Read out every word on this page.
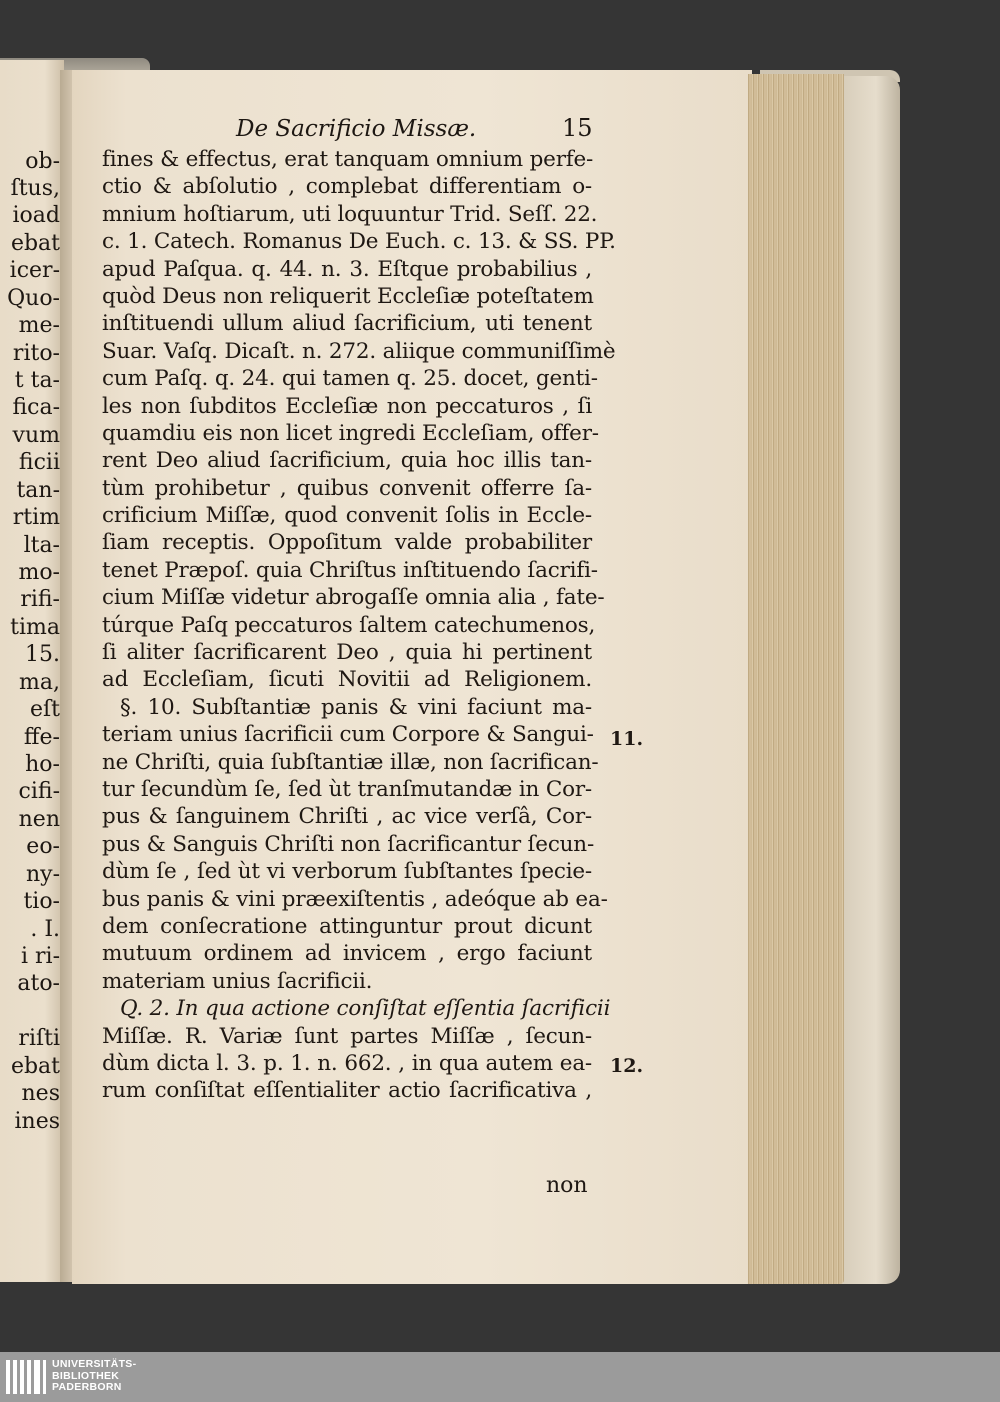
ob-
ſtus,
ioad
ebat
icer-
Quo-
me-
rito-
t ta-
fica-
vum
ficii
tan-
rtim
lta-
mo-
rifi-
tima
15.
ma,
eſt
ffe-
ho-
cifi-
nen
eo-
ny-
tio-
. I.
i ri-
ato-
riſti
ebat
nes
ines
De Sacrificio Missæ.	15
fines & effectus, erat tanquam omnium perfe-
ctio & abſolutio , complebat differentiam o-
mnium hoſtiarum, uti loquuntur Trid. Seſſ. 22.
c. 1. Catech. Romanus De Euch. c. 13. & SS. PP.
apud Paſqua. q. 44. n. 3. Eſtque probabilius ,
quòd Deus non reliquerit Eccleſiæ poteſtatem
inſtituendi ullum aliud ſacrificium, uti tenent
Suar. Vaſq. Dicaſt. n. 272. aliique communiſſimè
cum Paſq. q. 24. qui tamen q. 25. docet, genti-
les non ſubditos Eccleſiæ non peccaturos , ſi
quamdiu eis non licet ingredi Eccleſiam, offer-
rent Deo aliud ſacrificium, quia hoc illis tan-
tùm prohibetur , quibus convenit offerre ſa-
crificium Miſſæ, quod convenit ſolis in Eccle-
ſiam receptis. Oppoſitum valde probabiliter
tenet Præpoſ. quia Chriſtus inſtituendo ſacrifi-
cium Miſſæ videtur abrogaſſe omnia alia , fate-
túrque Paſq peccaturos ſaltem catechumenos,
ſi aliter ſacrificarent Deo , quia hi pertinent
ad Eccleſiam, ſicuti Novitii ad Religionem.
§. 10. Subſtantiæ panis & vini faciunt ma-
teriam unius ſacrificii cum Corpore & Sangui-
ne Chriſti, quia ſubſtantiæ illæ, non ſacrifican-
tur ſecundùm ſe, ſed ùt tranſmutandæ in Cor-
pus & ſanguinem Chriſti , ac vice verſâ, Cor-
pus & Sanguis Chriſti non ſacrificantur ſecun-
dùm ſe , ſed ùt vi verborum ſubſtantes ſpecie-
bus panis & vini præexiſtentis , adeóque ab ea-
dem conſecratione attinguntur prout dicunt
mutuum ordinem ad invicem , ergo faciunt
materiam unius ſacrificii.
Q. 2. In qua actione conſiſtat eſſentia ſacrificii
Miſſæ. R. Variæ ſunt partes Miſſæ , ſecun-
dùm dicta l. 3. p. 1. n. 662. , in qua autem ea-
rum conſiſtat eſſentialiter actio ſacrificativa ,
non
11.
12.
UNIVERSITÄTS-
BIBLIOTHEK
PADERBORN
